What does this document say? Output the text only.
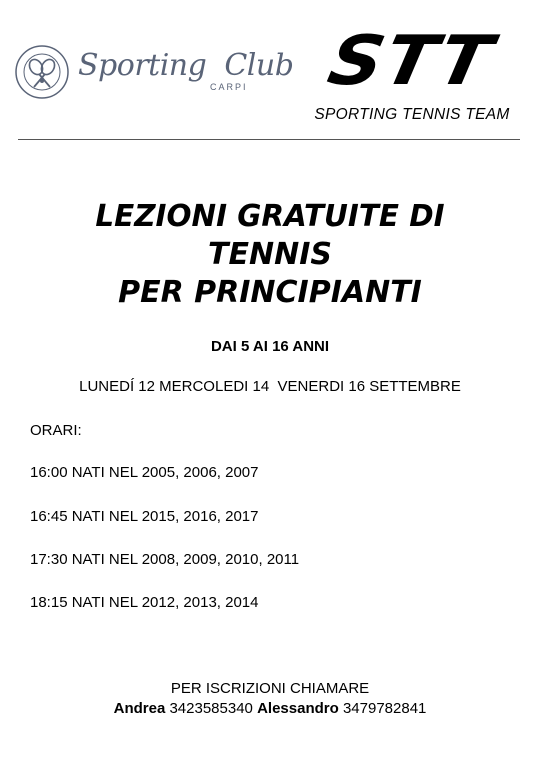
Sporting Club
CARPI	STT
SPORTING TENNIS TEAM
LEZIONI GRATUITE DI
TENNIS
PER PRINCIPIANTI
DAI 5 AI 16 ANNI
LUNEDÍ 12 MERCOLEDI 14  VENERDI 16 SETTEMBRE
ORARI:
16:00 NATI NEL 2005, 2006, 2007
16:45 NATI NEL 2015, 2016, 2017
17:30 NATI NEL 2008, 2009, 2010, 2011
18:15 NATI NEL 2012, 2013, 2014
PER ISCRIZIONI CHIAMARE
Andrea 3423585340 Alessandro 3479782841
